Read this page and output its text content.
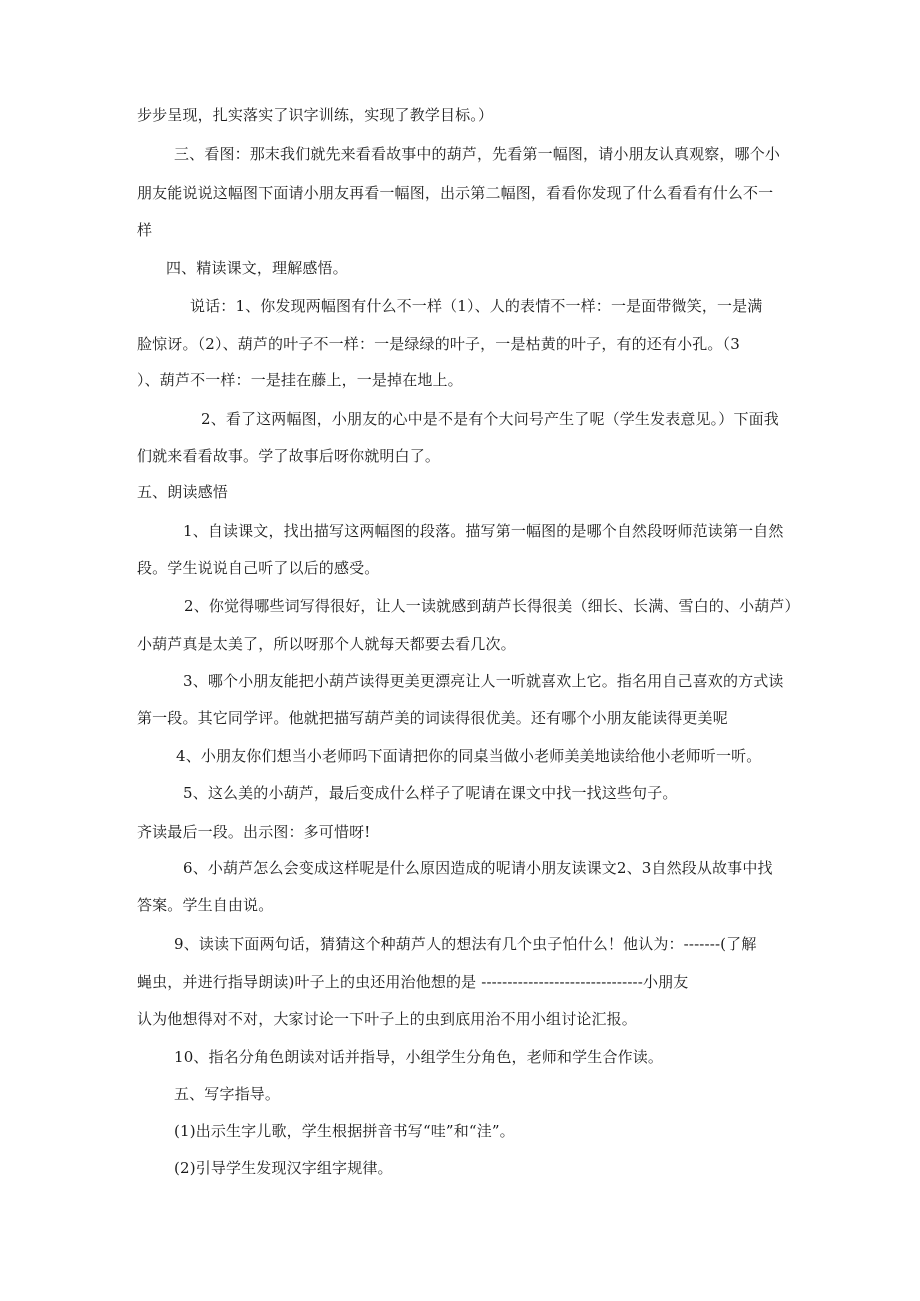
步步呈现，扎实落实了识字训练，实现了教学目标。）

三、看图：那末我们就先来看看故事中的葫芦，先看第一幅图，请小朋友认真观察，哪个小

朋友能说说这幅图下面请小朋友再看一幅图，出示第二幅图，看看你发现了什么看看有什么不一

样

四、精读课文，理解感悟。

说话：1、你发现两幅图有什么不一样（1）、人的表情不一样：一是面带微笑，一是满

脸惊讶。（2）、葫芦的叶子不一样：一是绿绿的叶子，一是枯黄的叶子，有的还有小孔。（3

）、葫芦不一样：一是挂在藤上，一是掉在地上。

2、看了这两幅图，小朋友的心中是不是有个大问号产生了呢（学生发表意见。）下面我

们就来看看故事。学了故事后呀你就明白了。

五、朗读感悟

1、自读课文，找出描写这两幅图的段落。描写第一幅图的是哪个自然段呀师范读第一自然

段。学生说说自己听了以后的感受。

2、你觉得哪些词写得很好，让人一读就感到葫芦长得很美（细长、长满、雪白的、小葫芦）

小葫芦真是太美了，所以呀那个人就每天都要去看几次。

3、哪个小朋友能把小葫芦读得更美更漂亮让人一听就喜欢上它。指名用自己喜欢的方式读

第一段。其它同学评。他就把描写葫芦美的词读得很优美。还有哪个小朋友能读得更美呢

4、小朋友你们想当小老师吗下面请把你的同桌当做小老师美美地读给他小老师听一听。

5、这么美的小葫芦，最后变成什么样子了呢请在课文中找一找这些句子。

齐读最后一段。出示图：多可惜呀!

6、小葫芦怎么会变成这样呢是什么原因造成的呢请小朋友读课文2、3自然段从故事中找

答案。学生自由说。

9、读读下面两句话，猜猜这个种葫芦人的想法有几个虫子怕什么！他认为：-------(了解

蝇虫，并进行指导朗读)叶子上的虫还用治他想的是 -------------------------------小朋友

认为他想得对不对，大家讨论一下叶子上的虫到底用治不用小组讨论汇报。

10、指名分角色朗读对话并指导，小组学生分角色，老师和学生合作读。

五、写字指导。

(1)出示生字儿歌，学生根据拼音书写“哇”和“洼”。

(2)引导学生发现汉字组字规律。
